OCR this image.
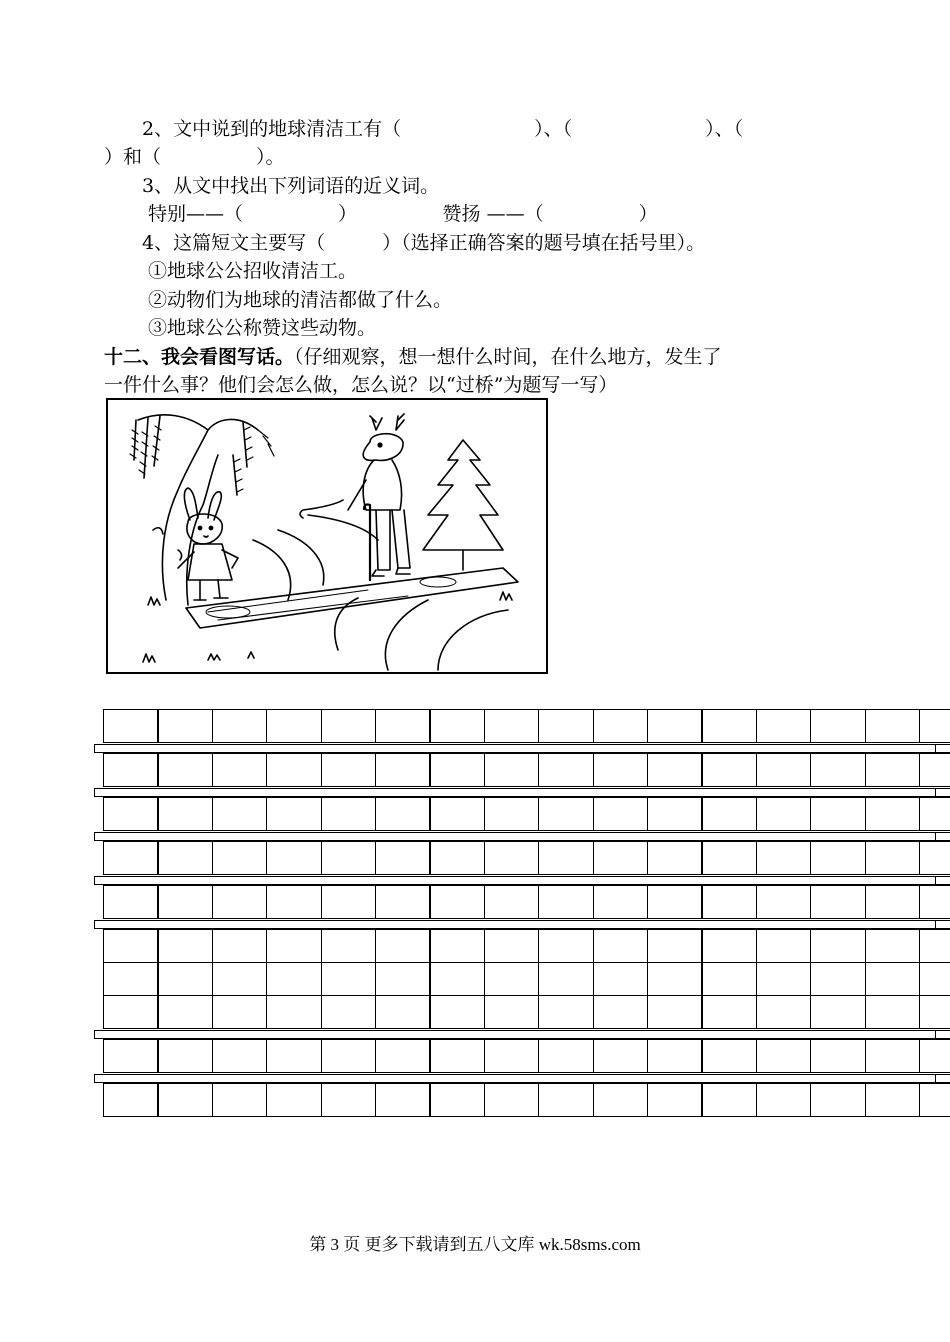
　　2、文中说到的地球清洁工有（　　　　　　　）、（　　　　　　　）、（
）和（　　　　　）。
　　3、从文中找出下列词语的近义词。
　　 特别——（　　　　　）　　　　　赞扬 ——（　　　　　）
　　4、这篇短文主要写（　　　）（选择正确答案的题号填在括号里）。
　　 ①地球公公招收清洁工。
　　 ②动物们为地球的清洁都做了什么。
　　 ③地球公公称赞这些动物。
十二、我会看图写话。（仔细观察，想一想什么时间，在什么地方，发生了
一件什么事？他们会怎么做，怎么说？以“过桥”为题写一写）
第 3 页 更多下载请到五八文库 wk.58sms.com
